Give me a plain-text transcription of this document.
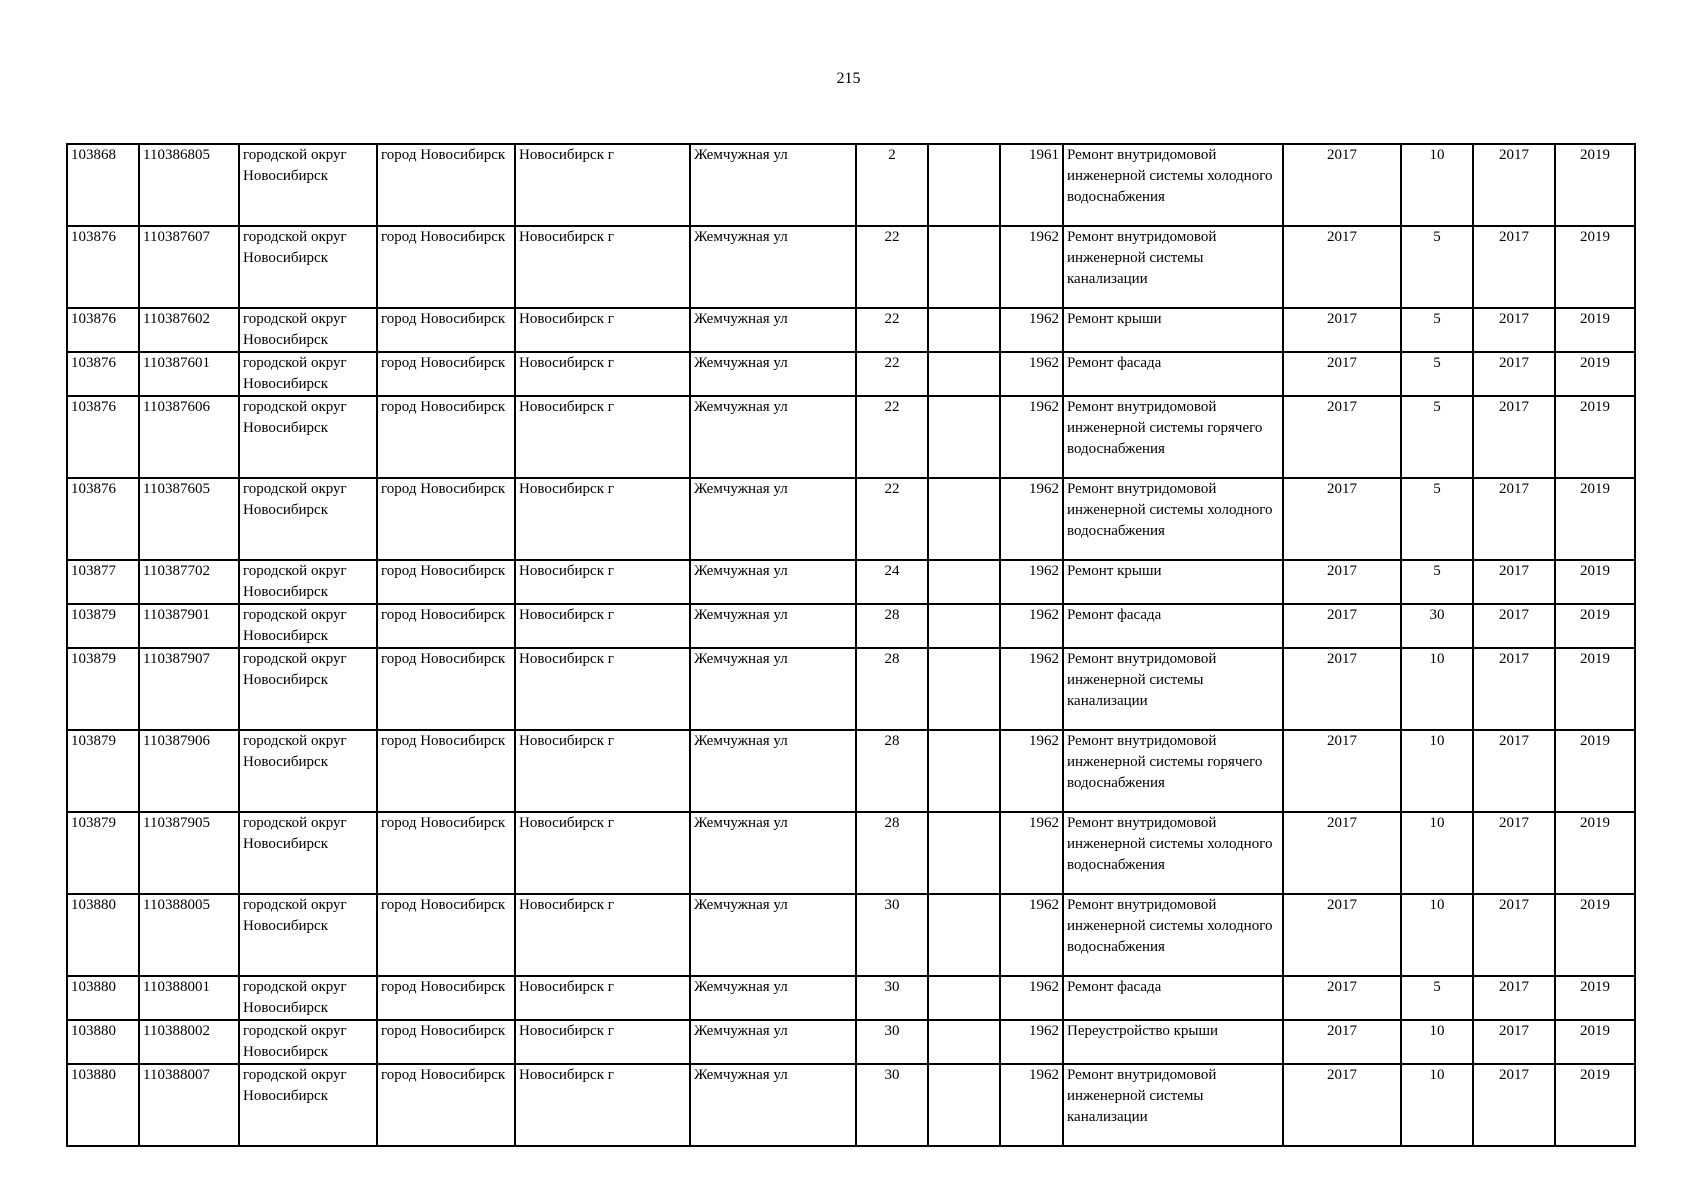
215
103868	110386805	городской округ Новосибирск	город Новосибирск	Новосибирск г	Жемчужная ул	2		1961	Ремонт внутридомовой инженерной системы холодного водоснабжения	2017	10	2017	2019
103876	110387607	городской округ Новосибирск	город Новосибирск	Новосибирск г	Жемчужная ул	22		1962	Ремонт внутридомовой инженерной системы канализации	2017	5	2017	2019
103876	110387602	городской округ Новосибирск	город Новосибирск	Новосибирск г	Жемчужная ул	22		1962	Ремонт крыши	2017	5	2017	2019
103876	110387601	городской округ Новосибирск	город Новосибирск	Новосибирск г	Жемчужная ул	22		1962	Ремонт фасада	2017	5	2017	2019
103876	110387606	городской округ Новосибирск	город Новосибирск	Новосибирск г	Жемчужная ул	22		1962	Ремонт внутридомовой инженерной системы горячего водоснабжения	2017	5	2017	2019
103876	110387605	городской округ Новосибирск	город Новосибирск	Новосибирск г	Жемчужная ул	22		1962	Ремонт внутридомовой инженерной системы холодного водоснабжения	2017	5	2017	2019
103877	110387702	городской округ Новосибирск	город Новосибирск	Новосибирск г	Жемчужная ул	24		1962	Ремонт крыши	2017	5	2017	2019
103879	110387901	городской округ Новосибирск	город Новосибирск	Новосибирск г	Жемчужная ул	28		1962	Ремонт фасада	2017	30	2017	2019
103879	110387907	городской округ Новосибирск	город Новосибирск	Новосибирск г	Жемчужная ул	28		1962	Ремонт внутридомовой инженерной системы канализации	2017	10	2017	2019
103879	110387906	городской округ Новосибирск	город Новосибирск	Новосибирск г	Жемчужная ул	28		1962	Ремонт внутридомовой инженерной системы горячего водоснабжения	2017	10	2017	2019
103879	110387905	городской округ Новосибирск	город Новосибирск	Новосибирск г	Жемчужная ул	28		1962	Ремонт внутридомовой инженерной системы холодного водоснабжения	2017	10	2017	2019
103880	110388005	городской округ Новосибирск	город Новосибирск	Новосибирск г	Жемчужная ул	30		1962	Ремонт внутридомовой инженерной системы холодного водоснабжения	2017	10	2017	2019
103880	110388001	городской округ Новосибирск	город Новосибирск	Новосибирск г	Жемчужная ул	30		1962	Ремонт фасада	2017	5	2017	2019
103880	110388002	городской округ Новосибирск	город Новосибирск	Новосибирск г	Жемчужная ул	30		1962	Переустройство крыши	2017	10	2017	2019
103880	110388007	городской округ Новосибирск	город Новосибирск	Новосибирск г	Жемчужная ул	30		1962	Ремонт внутридомовой инженерной системы канализации	2017	10	2017	2019
